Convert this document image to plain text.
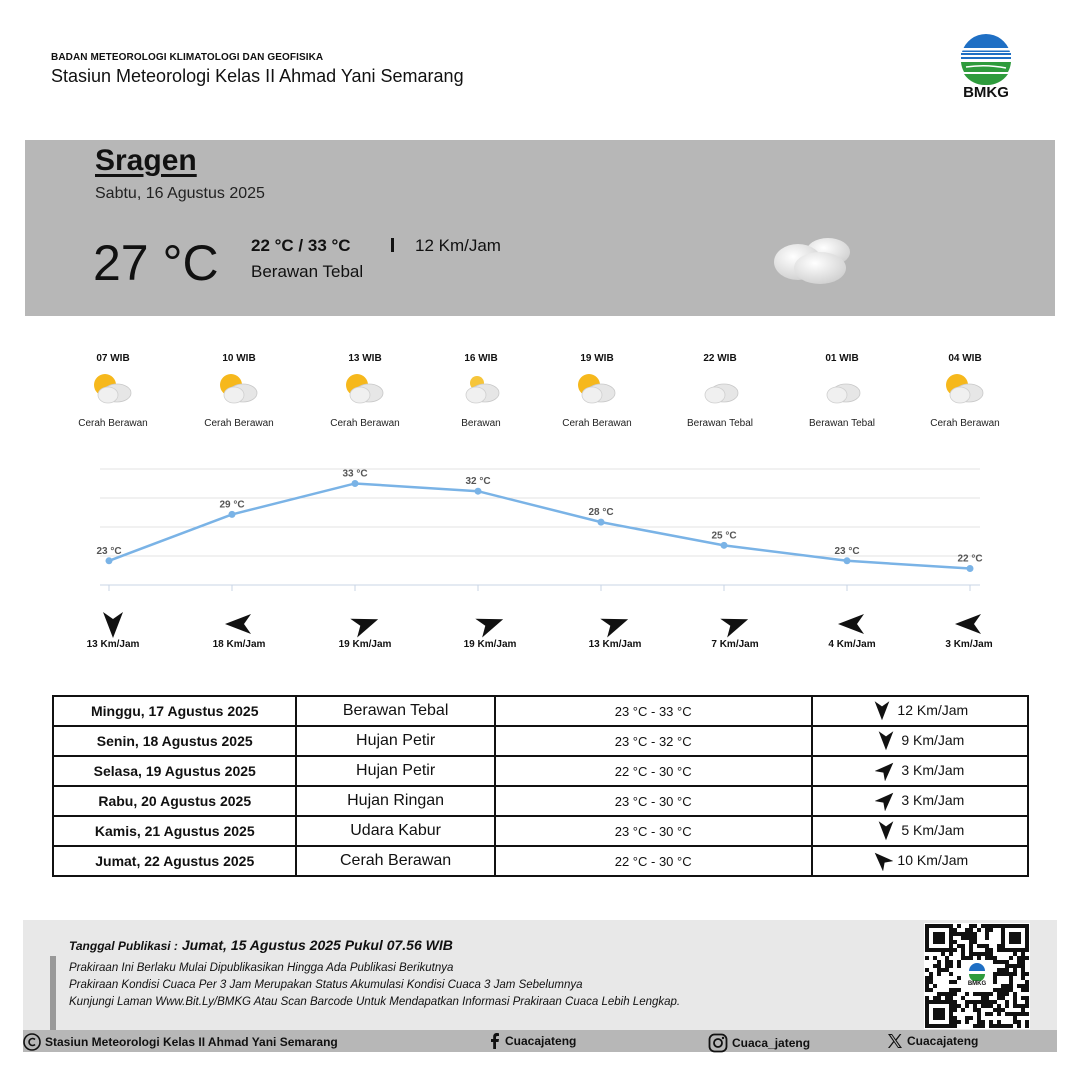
BADAN METEOROLOGI KLIMATOLOGI DAN GEOFISIKA
Stasiun Meteorologi Kelas II Ahmad Yani Semarang
BMKG
Sragen
Sabtu, 16 Agustus 2025
27 °C 22 °C / 33 °C	12 Km/Jam
Berawan Tebal
07 WIB
Cerah Berawan
10 WIB
Cerah Berawan
13 WIB
Cerah Berawan
16 WIB
Berawan
19 WIB
Cerah Berawan
22 WIB
Berawan Tebal
01 WIB
Berawan Tebal
04 WIB
Cerah Berawan
23 °C
29 °C
33 °C
32 °C
28 °C
25 °C
23 °C
22 °C
13 Km/Jam	18 Km/Jam	19 Km/Jam	19 Km/Jam	13 Km/Jam	7 Km/Jam	4 Km/Jam	3 Km/Jam
Minggu, 17 Agustus 2025	Berawan Tebal	23 °C - 33 °C	12 Km/Jam

Senin, 18 Agustus 2025	Hujan Petir	23 °C - 32 °C	9 Km/Jam

Selasa, 19 Agustus 2025	Hujan Petir	22 °C - 30 °C	3 Km/Jam

Rabu, 20 Agustus 2025	Hujan Ringan	23 °C - 30 °C	3 Km/Jam

Kamis, 21 Agustus 2025	Udara Kabur	23 °C - 30 °C	5 Km/Jam

Jumat, 22 Agustus 2025	Cerah Berawan	22 °C - 30 °C	10 Km/Jam
Tanggal Publikasi : Jumat, 15 Agustus 2025 Pukul 07.56 WIB
Prakiraan Ini Berlaku Mulai Dipublikasikan Hingga Ada Publikasi Berikutnya
Prakiraan Kondisi Cuaca Per 3 Jam Merupakan Status Akumulasi Kondisi Cuaca 3 Jam Sebelumnya
Kunjungi Laman Www.Bit.Ly/BMKG Atau Scan Barcode Untuk Mendapatkan Informasi Prakiraan Cuaca Lebih Lengkap.
BMKG
Stasiun Meteorologi Kelas II Ahmad Yani Semarang	Cuacajateng	Cuaca_jateng	Cuacajateng
